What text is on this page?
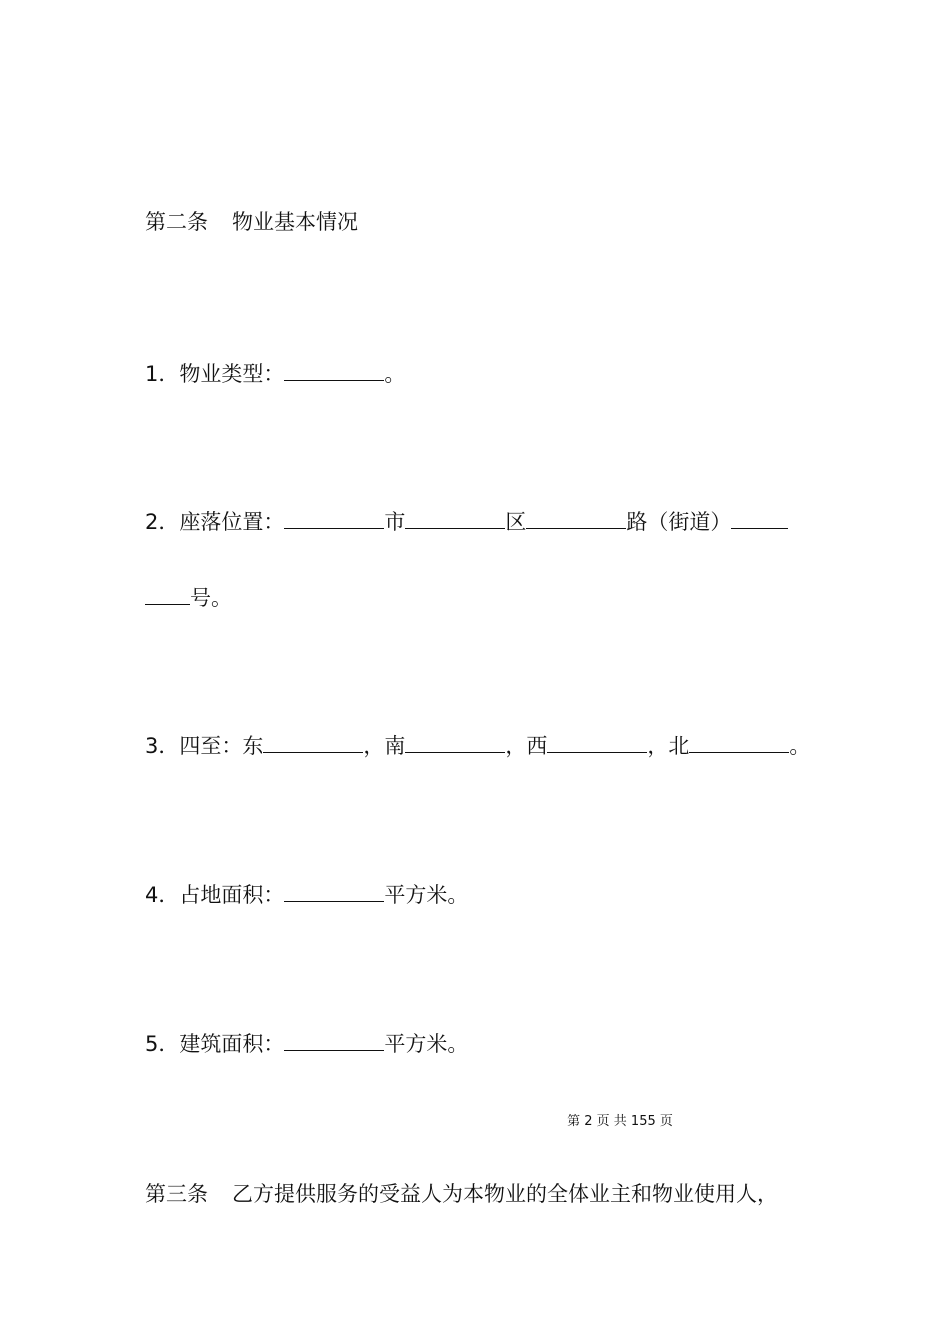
第二条 物业基本情况
1．物业类型：	。
2．座落位置：	市	区	路（街道）
号。
3．四至：东	，南	，西	，北	。
4．占地面积：	平方米。
5．建筑面积：	平方米。
第 2 页 共 155 页
第三条 乙方提供服务的受益人为本物业的全体业主和物业使用人，
